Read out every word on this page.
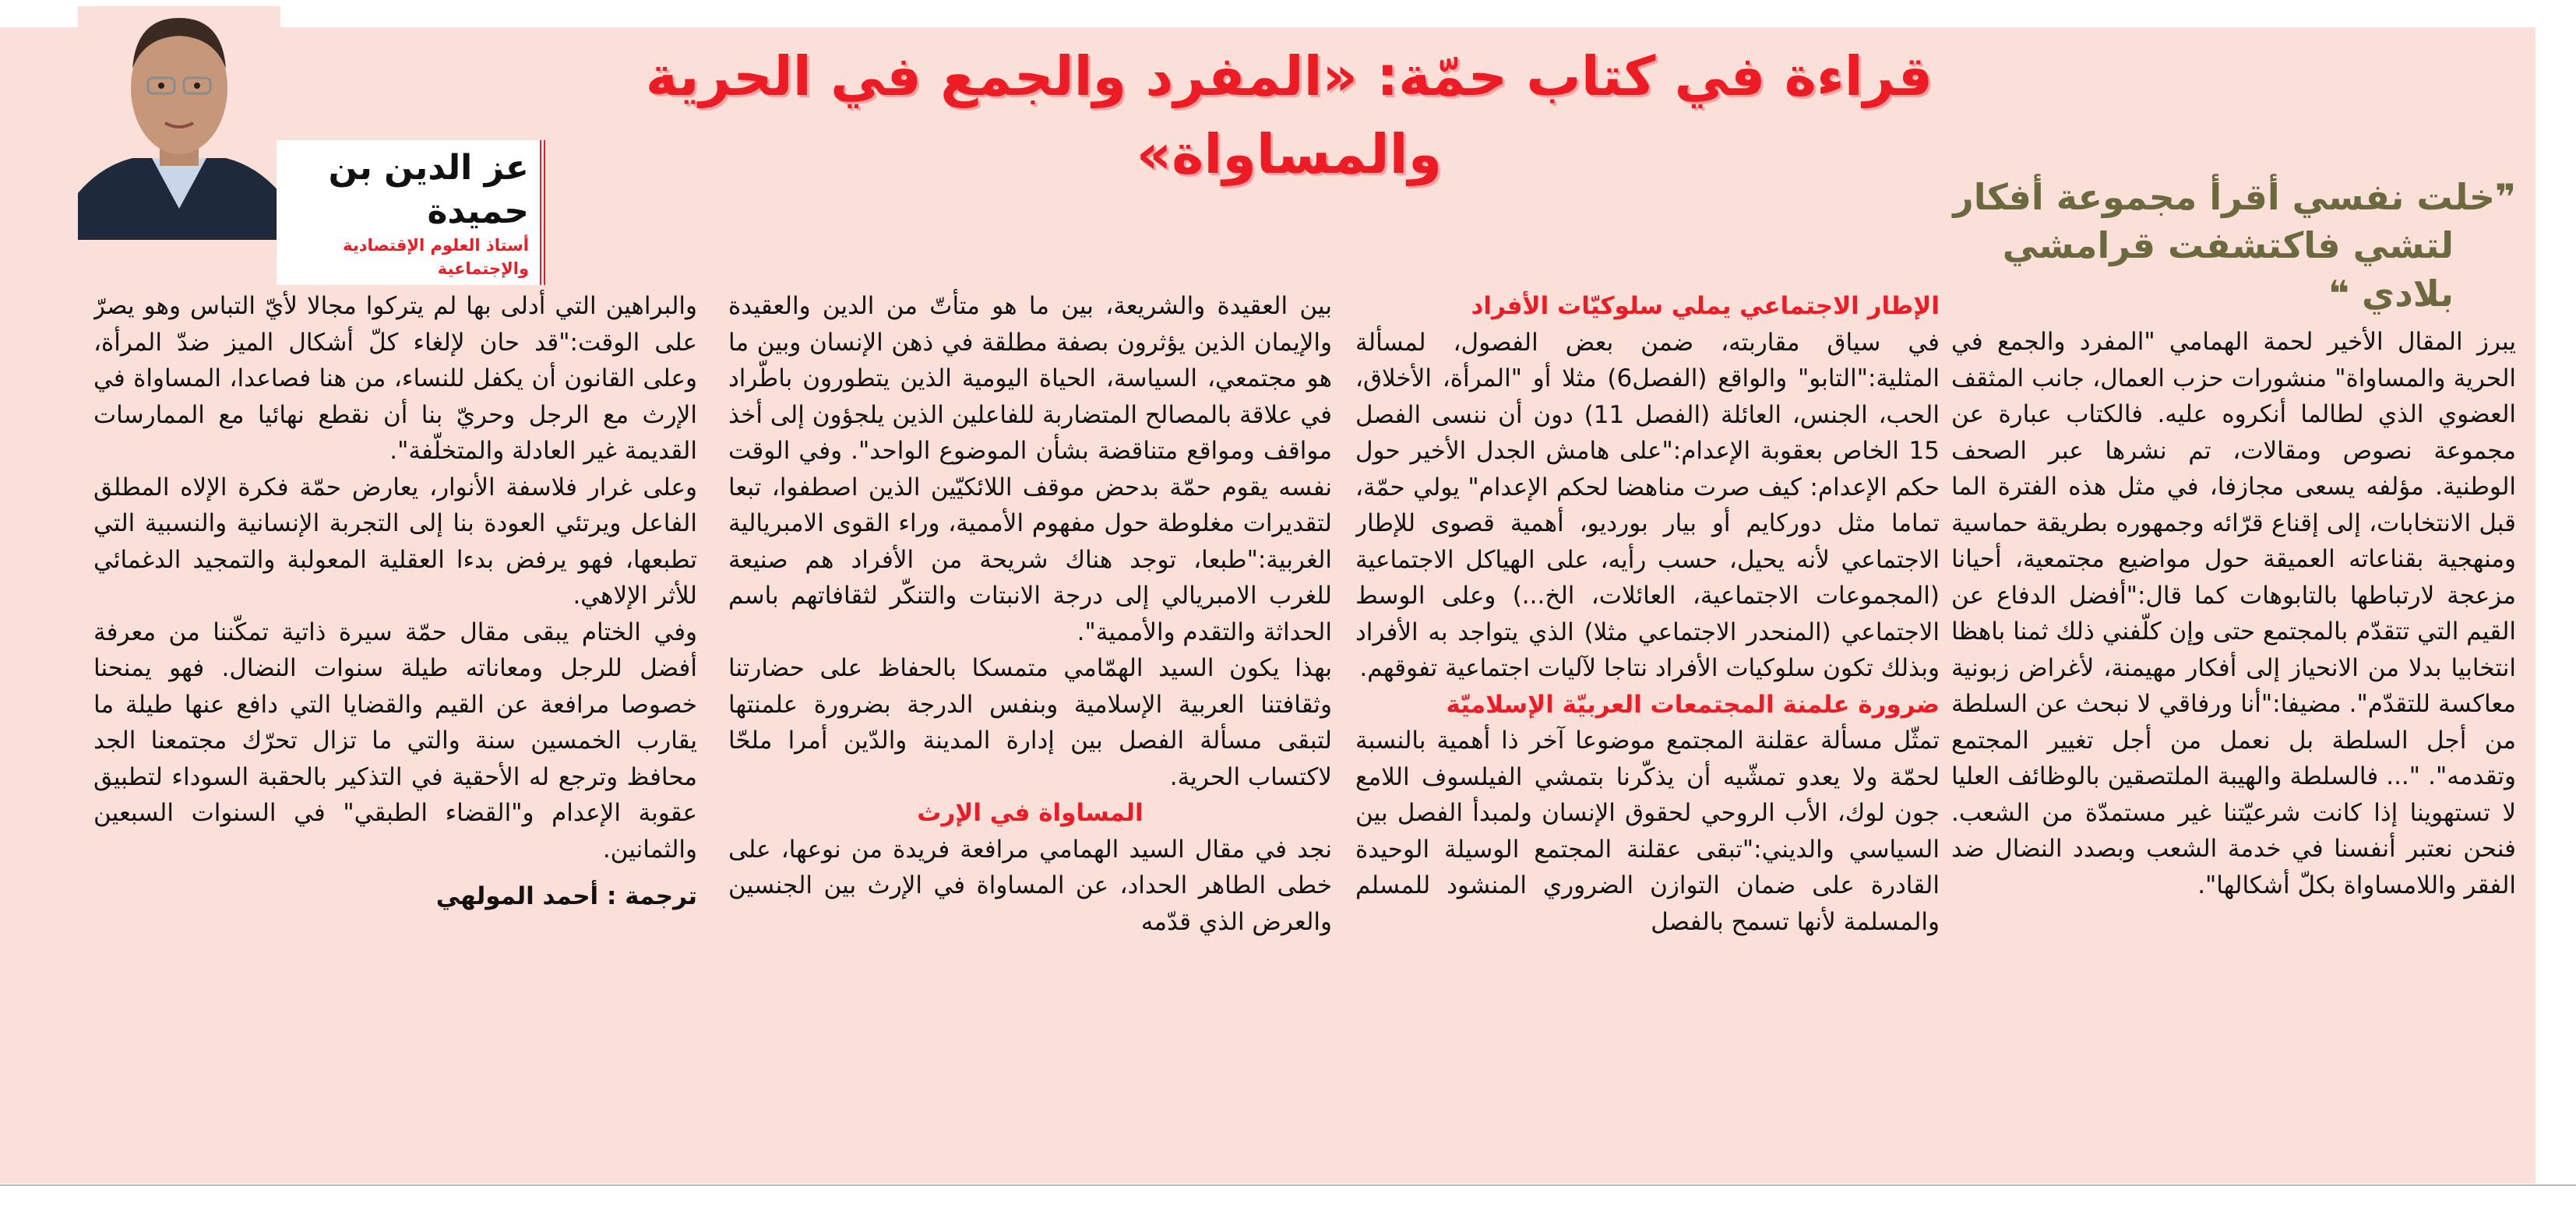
قراءة في كتاب حمّة: «المفرد والجمع في الحرية والمساواة»
عز الدين بن حميدة
أستاذ العلوم الإقتصادية والإجتماعية
❞خلت نفسي أقرأ مجموعة أفكار
لتشي فاكتشفت قرامشي بلادي ❝

يبرز المقال الأخير لحمة الهمامي "المفرد والجمع في الحرية والمساواة" منشورات حزب العمال، جانب المثقف العضوي الذي لطالما أنكروه عليه. فالكتاب عبارة عن مجموعة نصوص ومقالات، تم نشرها عبر الصحف الوطنية. مؤلفه يسعى مجازفا، في مثل هذه الفترة الما قبل الانتخابات، إلى إقناع قرّائه وجمهوره بطريقة حماسية ومنهجية بقناعاته العميقة حول مواضيع مجتمعية، أحيانا مزعجة لارتباطها بالتابوهات كما قال:"أفضل الدفاع عن القيم التي تتقدّم بالمجتمع حتى وإن كلّفني ذلك ثمنا باهظا انتخابيا بدلا من الانحياز إلى أفكار مهيمنة، لأغراض زبونية معاكسة للتقدّم". مضيفا:"أنا ورفاقي لا نبحث عن السلطة من أجل السلطة بل نعمل من أجل تغيير المجتمع وتقدمه". "... فالسلطة والهيبة الملتصقين بالوظائف العليا لا تستهوينا إذا كانت شرعيّتنا غير مستمدّة من الشعب. فنحن نعتبر أنفسنا في خدمة الشعب وبصدد النضال ضد الفقر واللامساواة بكلّ أشكالها".

الإطار الاجتماعي يملي سلوكيّات الأفراد

في سياق مقاربته، ضمن بعض الفصول، لمسألة المثلية:"التابو" والواقع (الفصل6) مثلا أو "المرأة، الأخلاق، الحب، الجنس، العائلة (الفصل 11) دون أن ننسى الفصل 15 الخاص بعقوبة الإعدام:"على هامش الجدل الأخير حول حكم الإعدام: كيف صرت مناهضا لحكم الإعدام" يولي حمّة، تماما مثل دوركايم أو بيار بورديو، أهمية قصوى للإطار الاجتماعي لأنه يحيل، حسب رأيه، على الهياكل الاجتماعية (المجموعات الاجتماعية، العائلات، الخ...) وعلى الوسط الاجتماعي (المنحدر الاجتماعي مثلا) الذي يتواجد به الأفراد وبذلك تكون سلوكيات الأفراد نتاجا لآليات اجتماعية تفوقهم.

ضرورة علمنة المجتمعات العربيّة الإسلاميّة

تمثّل مسألة عقلنة المجتمع موضوعا آخر ذا أهمية بالنسبة لحمّة ولا يعدو تمشّيه أن يذكّرنا بتمشي الفيلسوف اللامع جون لوك، الأب الروحي لحقوق الإنسان ولمبدأ الفصل بين السياسي والديني:"تبقى عقلنة المجتمع الوسيلة الوحيدة القادرة على ضمان التوازن الضروري المنشود للمسلم والمسلمة لأنها تسمح بالفصل

بين العقيدة والشريعة، بين ما هو متأتّ من الدين والعقيدة والإيمان الذين يؤثرون بصفة مطلقة في ذهن الإنسان وبين ما هو مجتمعي، السياسة، الحياة اليومية الذين يتطورون باطّراد في علاقة بالمصالح المتضاربة للفاعلين الذين يلجؤون إلى أخذ مواقف ومواقع متناقضة بشأن الموضوع الواحد". وفي الوقت نفسه يقوم حمّة بدحض موقف اللائكيّين الذين اصطفوا، تبعا لتقديرات مغلوطة حول مفهوم الأممية، وراء القوى الامبريالية الغربية:"طبعا، توجد هناك شريحة من الأفراد هم صنيعة للغرب الامبريالي إلى درجة الانبتات والتنكّر لثقافاتهم باسم الحداثة والتقدم والأممية".

بهذا يكون السيد الهمّامي متمسكا بالحفاظ على حضارتنا وثقافتنا العربية الإسلامية وبنفس الدرجة بضرورة علمنتها لتبقى مسألة الفصل بين إدارة المدينة والدّين أمرا ملحّا لاكتساب الحرية.

المساواة في الإرث

نجد في مقال السيد الهمامي مرافعة فريدة من نوعها، على خطى الطاهر الحداد، عن المساواة في الإرث بين الجنسين والعرض الذي قدّمه

والبراهين التي أدلى بها لم يتركوا مجالا لأيّ التباس وهو يصرّ على الوقت:"قد حان لإلغاء كلّ أشكال الميز ضدّ المرأة، وعلى القانون أن يكفل للنساء، من هنا فصاعدا، المساواة في الإرث مع الرجل وحريّ بنا أن نقطع نهائيا مع الممارسات القديمة غير العادلة والمتخلّفة".

وعلى غرار فلاسفة الأنوار، يعارض حمّة فكرة الإلاه المطلق الفاعل ويرتئي العودة بنا إلى التجربة الإنسانية والنسبية التي تطبعها، فهو يرفض بدءا العقلية المعولبة والتمجيد الدغمائي للأثر الإلاهي.

وفي الختام يبقى مقال حمّة سيرة ذاتية تمكّننا من معرفة أفضل للرجل ومعاناته طيلة سنوات النضال. فهو يمنحنا خصوصا مرافعة عن القيم والقضايا التي دافع عنها طيلة ما يقارب الخمسين سنة والتي ما تزال تحرّك مجتمعنا الجد محافظ وترجع له الأحقية في التذكير بالحقبة السوداء لتطبيق عقوبة الإعدام و"القضاء الطبقي" في السنوات السبعين والثمانين.

ترجمة : أحمد المولهي
